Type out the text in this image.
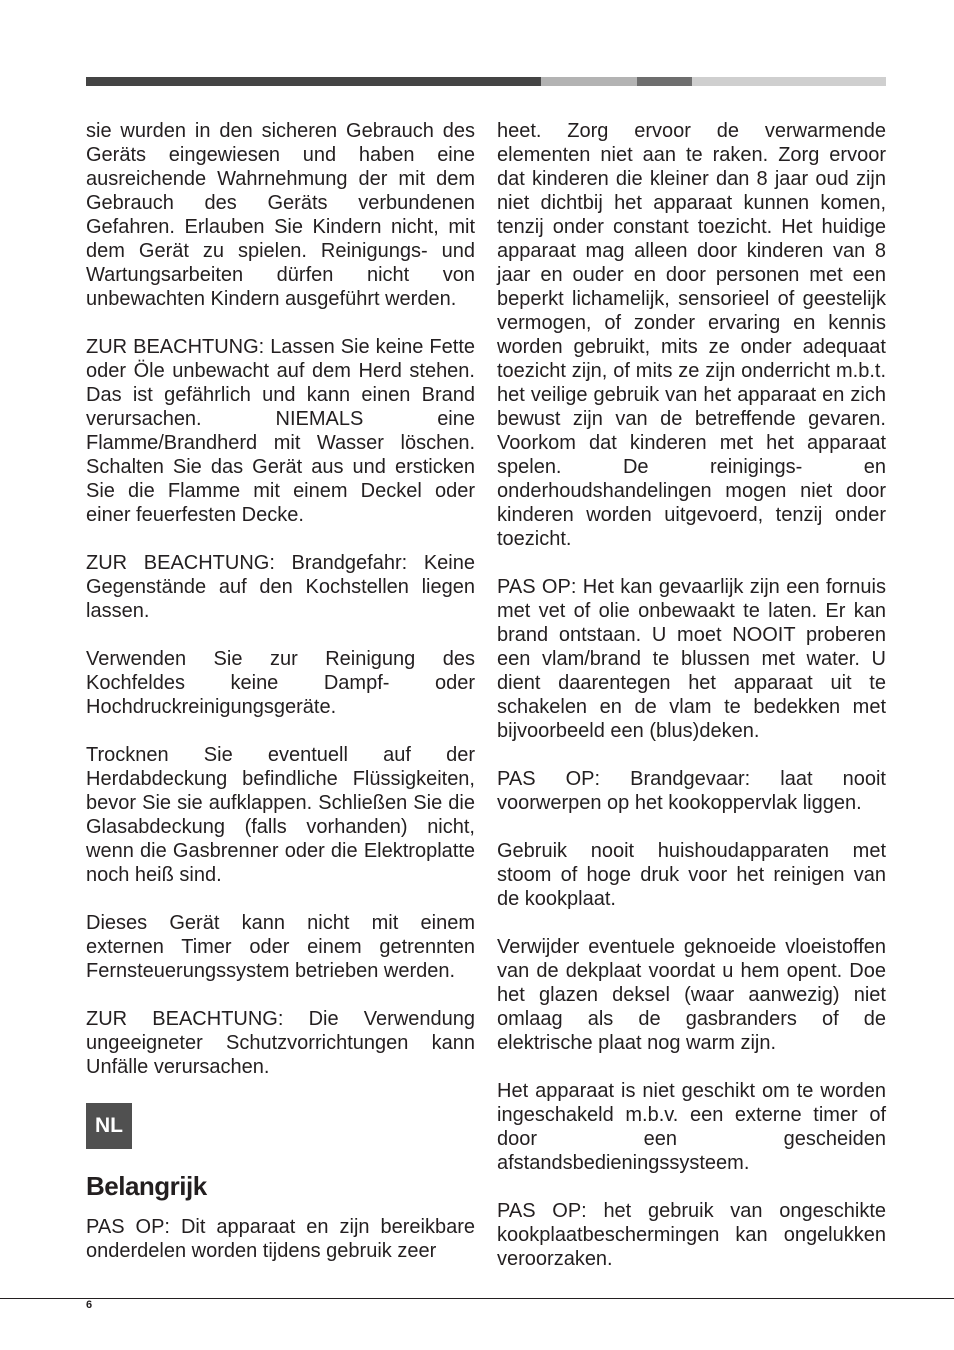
sie wurden in den sicheren Gebrauch des Geräts eingewiesen und haben eine ausreichende Wahrnehmung der mit dem Gebrauch des Geräts verbundenen Gefahren. Erlauben Sie Kindern nicht, mit dem Gerät zu spielen. Reinigungs- und Wartungsarbeiten dürfen nicht von unbewachten Kindern ausgeführt werden.

ZUR BEACHTUNG: Lassen Sie keine Fette oder Öle unbewacht auf dem Herd stehen. Das ist gefährlich und kann einen Brand verursachen. NIEMALS eine Flamme/Brandherd mit Wasser löschen. Schalten Sie das Gerät aus und ersticken Sie die Flamme mit einem Deckel oder einer feuerfesten Decke.

ZUR BEACHTUNG: Brandgefahr: Keine Gegenstände auf den Kochstellen liegen lassen.

Verwenden Sie zur Reinigung des Kochfeldes keine Dampf- oder Hochdruckreinigungsgeräte.

Trocknen Sie eventuell auf der Herdabdeckung befindliche Flüssigkeiten, bevor Sie sie aufklappen. Schließen Sie die Glasabdeckung (falls vorhanden) nicht, wenn die Gasbrenner oder die Elektroplatte noch heiß sind.

Dieses Gerät kann nicht mit einem externen Timer oder einem getrennten Fernsteuerungssystem betrieben werden.

ZUR BEACHTUNG: Die Verwendung ungeeigneter Schutzvorrichtungen kann Unfälle verursachen.

NL
Belangrijk

PAS OP: Dit apparaat en zijn bereikbare onderdelen worden tijdens gebruik zeer

heet. Zorg ervoor de verwarmende elementen niet aan te raken. Zorg ervoor dat kinderen die kleiner dan 8 jaar oud zijn niet dichtbij het apparaat kunnen komen, tenzij onder constant toezicht. Het huidige apparaat mag alleen door kinderen van 8 jaar en ouder en door personen met een beperkt lichamelijk, sensorieel of geestelijk vermogen, of zonder ervaring en kennis worden gebruikt, mits ze onder adequaat toezicht zijn, of mits ze zijn onderricht m.b.t. het veilige gebruik van het apparaat en zich bewust zijn van de betreffende gevaren. Voorkom dat kinderen met het apparaat spelen. De reinigings- en onderhoudshandelingen mogen niet door kinderen worden uitgevoerd, tenzij onder toezicht.

PAS OP: Het kan gevaarlijk zijn een fornuis met vet of olie onbewaakt te laten. Er kan brand ontstaan. U moet NOOIT proberen een vlam/brand te blussen met water. U dient daarentegen het apparaat uit te schakelen en de vlam te bedekken met bijvoorbeeld een (blus)deken.

PAS OP: Brandgevaar: laat nooit voorwerpen op het kookoppervlak liggen.

Gebruik nooit huishoudapparaten met stoom of hoge druk voor het reinigen van de kookplaat.

Verwijder eventuele geknoeide vloeistoffen van de dekplaat voordat u hem opent. Doe het glazen deksel (waar aanwezig) niet omlaag als de gasbranders of de elektrische plaat nog warm zijn.

Het apparaat is niet geschikt om te worden ingeschakeld m.b.v. een externe timer of door een gescheiden afstandsbedieningssysteem.

PAS OP: het gebruik van ongeschikte kookplaatbeschermingen kan ongelukken veroorzaken.

6
